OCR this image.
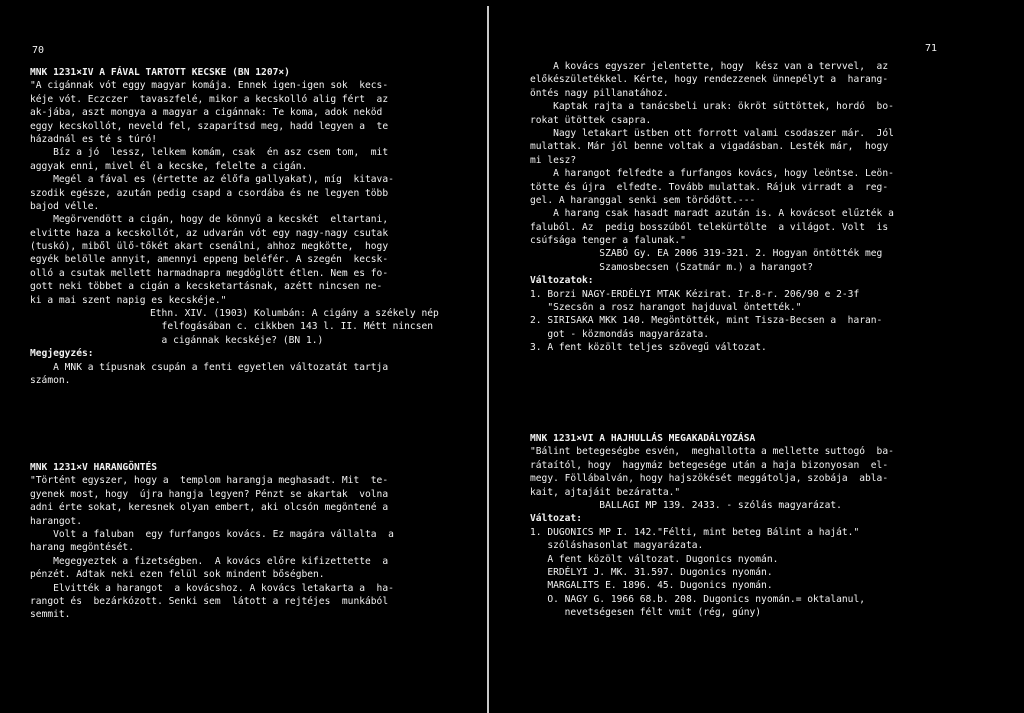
70
MNK 1231×IV A FÁVAL TARTOTT KECSKE (BN 1207×)
"A cigánnak vót eggy magyar komája. Ennek igen-igen sok  kecs-
kéje vót. Eczczer  tavaszfelé, mikor a kecskolló alig fért  az
ak-jába, aszt mongya a magyar a cigánnak: Te koma, adok neköd
eggy kecskollót, neveld fel, szaparítsd meg, hadd legyen a  te
házadnál es té s túró!
Bíz a jó  lessz, lelkem komám, csak  én asz csem tom,  mit
aggyak enni, mivel él a kecske, felelte a cigán.
Megél a fával es (értette az élőfa gallyakat), míg  kitava-
szodik egésze, azután pedig csapd a csordába és ne legyen több
bajod vélle.
Megörvendött a cigán, hogy de könnyű a kecskét  eltartani,
elvitte haza a kecskollót, az udvarán vót egy nagy-nagy csutak
(tuskó), miből ülő-tőkét akart csenálni, ahhoz megkötte,  hogy
egyék belölle annyit, amennyi eppeng beléfér. A szegén  kecsk-
olló a csutak mellett harmadnapra megdöglött étlen. Nem es fo-
gott neki többet a cigán a kecsketartásnak, azétt nincsen ne-
ki a mai szent napig es kecskéje."
Ethn. XIV. (1903) Kolumbán: A cigány a székely nép
felfogásában c. cikkben 143 l. II. Métt nincsen
a cigánnak kecskéje? (BN 1.)
Megjegyzés:
A MNK a típusnak csupán a fenti egyetlen változatát tartja
számon.
MNK 1231×V HARANGÖNTÉS
"Történt egyszer, hogy a  templom harangja meghasadt. Mit  te-
gyenek most, hogy  újra hangja legyen? Pénzt se akartak  volna
adni érte sokat, keresnek olyan embert, aki olcsón megöntené a
harangot.
Volt a faluban  egy furfangos kovács. Ez magára vállalta  a
harang megöntését.
Megegyeztek a fizetségben.  A kovács előre kifizettette  a
pénzét. Adtak neki ezen felül sok mindent bőségben.
Elvitték a harangot  a kovácshoz. A kovács letakarta a  ha-
rangot és  bezárkózott. Senki sem  látott a rejtéjes  munkából
semmit.
71
A kovács egyszer jelentette, hogy  kész van a tervvel,  az
előkészületékkel. Kérte, hogy rendezzenek ünnepélyt a  harang-
öntés nagy pillanatához.
Kaptak rajta a tanácsbeli urak: ökröt süttöttek, hordó  bo-
rokat ütöttek csapra.
Nagy letakart üstben ott forrott valami csodaszer már.  Jól
mulattak. Már jól benne voltak a vigadásban. Lesték már,  hogy
mi lesz?
A harangot felfedte a furfangos kovács, hogy leöntse. Leön-
tötte és újra  elfedte. Tovább mulattak. Rájuk virradt a  reg-
gel. A haranggal senki sem törődött.---
A harang csak hasadt maradt azután is. A kovácsot elűzték a
faluból. Az  pedig bosszúból telekürtölte  a világot. Volt  is
csúfsága tenger a falunak."
SZABÓ Gy. EA 2006 319-321. 2. Hogyan öntötték meg
Szamosbecsen (Szatmár m.) a harangot?
Változatok:
1. Borzi NAGY-ERDÉLYI MTAK Kézirat. Ir.8-r. 206/90 e 2-3f
"Szecsõn a rosz harangot hajduval öntették."
2. SIRISAKA MKK 140. Megöntötték, mint Tisza-Becsen a  haran-
got - közmondás magyarázata.
3. A fent közölt teljes szövegű változat.
MNK 1231×VI A HAJHULLÁS MEGAKADÁLYOZÁSA
"Bálint betegeségbe esvén,  meghallotta a mellette suttogó  ba-
rátaítól, hogy  hagymáz betegesége után a haja bizonyosan  el-
megy. Föllábalván, hogy hajszökését meggátolja, szobája  abla-
kait, ajtajáit bezáratta."
BALLAGI MP 139. 2433. - szólás magyarázat.
Változat:
1. DUGONICS MP I. 142."Félti, mint beteg Bálint a haját."
szóláshasonlat magyarázata.
A fent közölt változat. Dugonics nyomán.
ERDÉLYI J. MK. 31.597. Dugonics nyomán.
MARGALITS E. 1896. 45. Dugonics nyomán.
O. NAGY G. 1966 68.b. 208. Dugonics nyomán.= oktalanul,
nevetségesen félt vmit (rég, gúny)
